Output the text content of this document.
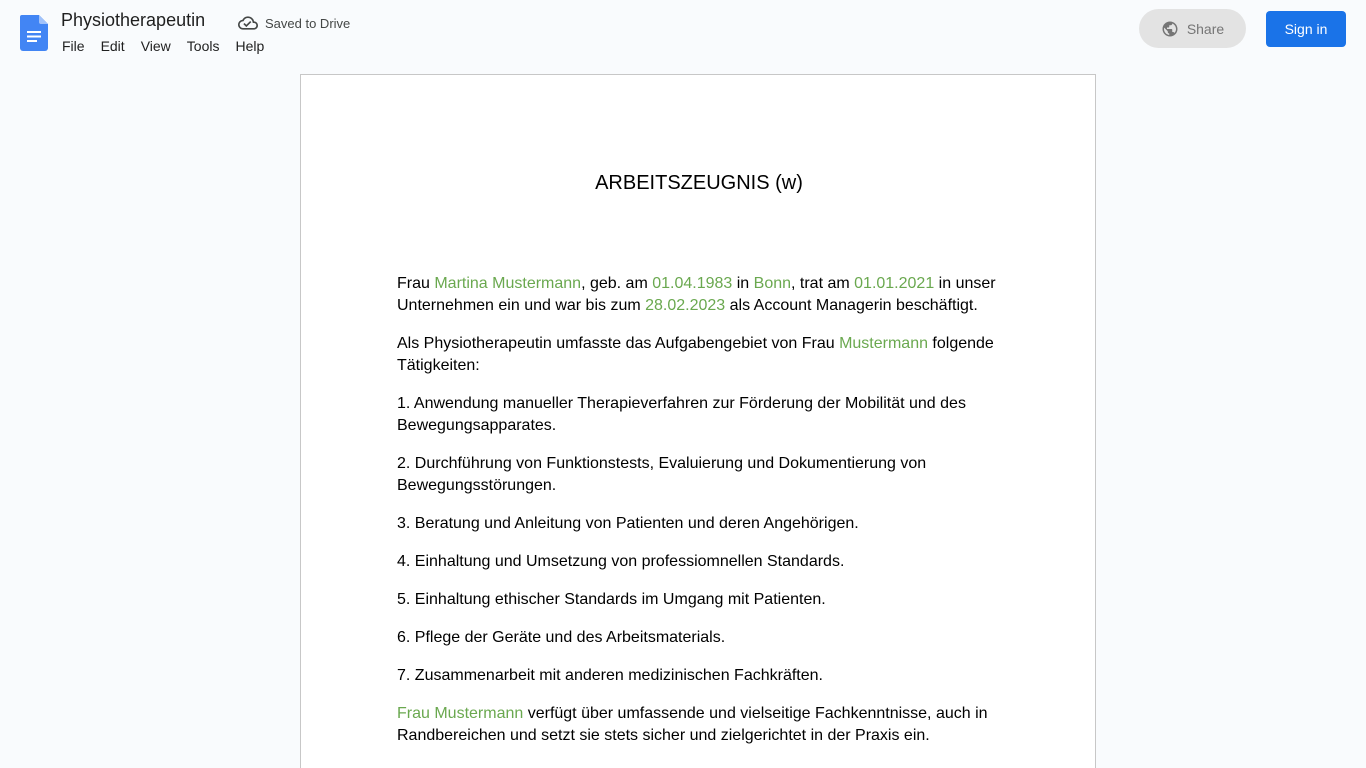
Physiotherapeutin	Saved to Drive
File	Edit	View	Tools	Help
Share	Sign in
ARBEITSZEUGNIS (w)

Frau Martina Mustermann, geb. am 01.04.1983 in Bonn, trat am 01.01.2021 in unser Unternehmen ein und war bis zum 28.02.2023 als Account Managerin beschäftigt.

Als Physiotherapeutin umfasste das Aufgabengebiet von Frau Mustermann folgende Tätigkeiten:

1. Anwendung manueller Therapieverfahren zur Förderung der Mobilität und des Bewegungsapparates.

2. Durchführung von Funktionstests, Evaluierung und Dokumentierung von Bewegungsstörungen.

3. Beratung und Anleitung von Patienten und deren Angehörigen.

4. Einhaltung und Umsetzung von professiomnellen Standards.

5. Einhaltung ethischer Standards im Umgang mit Patienten.

6. Pflege der Geräte und des Arbeitsmaterials.

7. Zusammenarbeit mit anderen medizinischen Fachkräften.

Frau Mustermann verfügt über umfassende und vielseitige Fachkenntnisse, auch in Randbereichen und setzt sie stets sicher und zielgerichtet in der Praxis ein.
